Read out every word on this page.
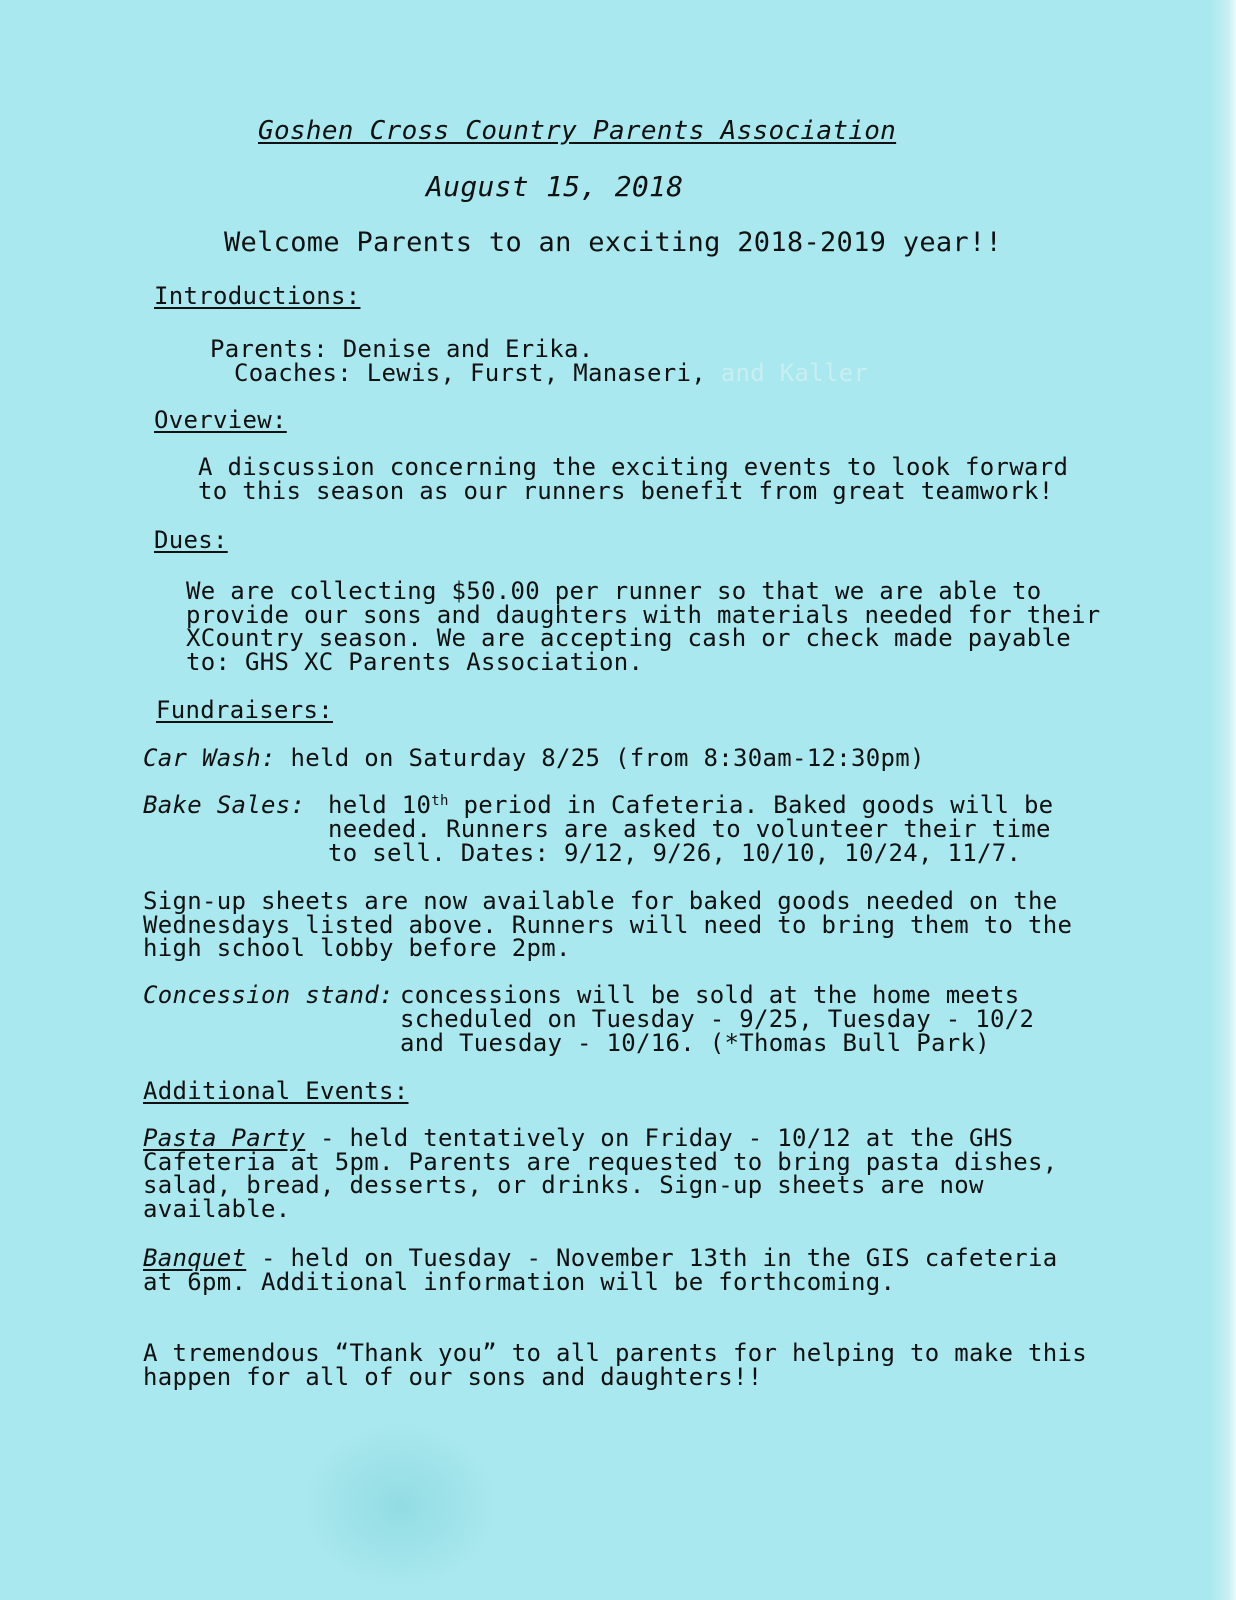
Goshen Cross Country Parents Association
August 15, 2018
Welcome Parents to an exciting 2018-2019 year!!
Introductions:
Parents: Denise and Erika.
Coaches: Lewis, Furst, Manaseri, and Kaller
Overview:
A discussion concerning the exciting events to look forward
to this season as our runners benefit from great teamwork!
Dues:
We are collecting $50.00 per runner so that we are able to
provide our sons and daughters with materials needed for their
XCountry season. We are accepting cash or check made payable
to: GHS XC Parents Association.
Fundraisers:
Car Wash: held on Saturday 8/25 (from 8:30am-12:30pm)
Bake Sales: held 10th period in Cafeteria. Baked goods will be
needed. Runners are asked to volunteer their time
to sell. Dates: 9/12, 9/26, 10/10, 10/24, 11/7.
Sign-up sheets are now available for baked goods needed on the
Wednesdays listed above. Runners will need to bring them to the
high school lobby before 2pm.
Concession stand: concessions will be sold at the home meets
scheduled on Tuesday - 9/25, Tuesday - 10/2
and Tuesday - 10/16. (*Thomas Bull Park)
Additional Events:
Pasta Party - held tentatively on Friday - 10/12 at the GHS
Cafeteria at 5pm. Parents are requested to bring pasta dishes,
salad, bread, desserts, or drinks. Sign-up sheets are now
available.
Banquet - held on Tuesday - November 13th in the GIS cafeteria
at 6pm. Additional information will be forthcoming.
A tremendous “Thank you” to all parents for helping to make this
happen for all of our sons and daughters!!
